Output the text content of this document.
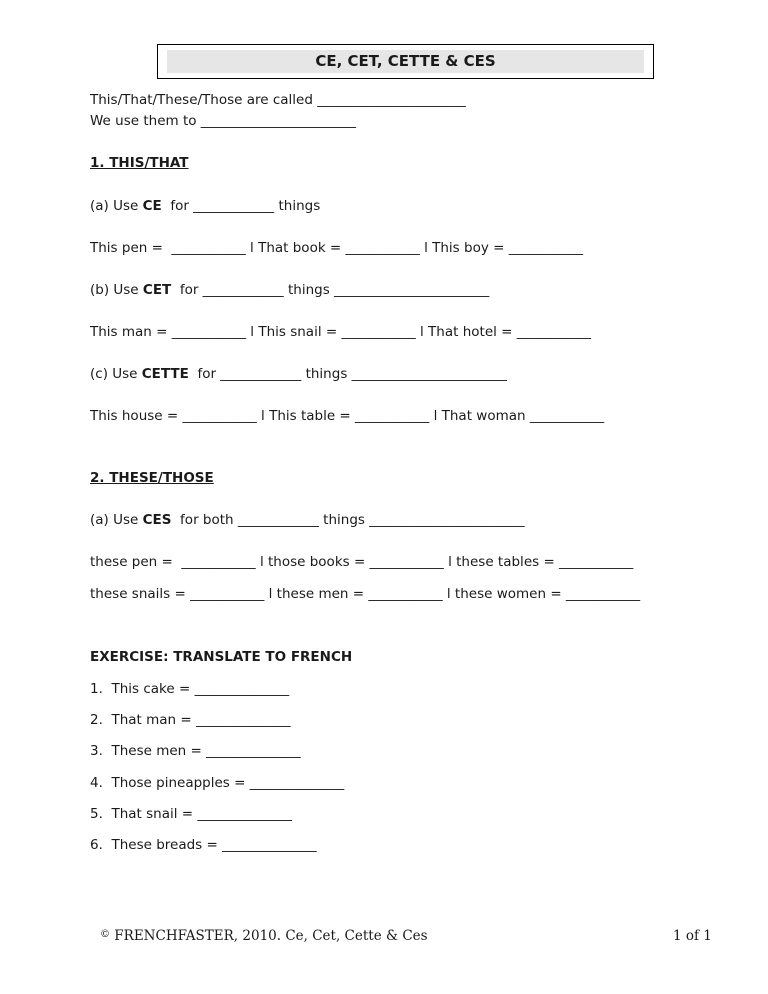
CE, CET, CETTE & CES
This/That/These/Those are called ______________________
We use them to _______________________
1. THIS/THAT
(a) Use CE  for ____________ things
This pen =  ___________ l That book = ___________ l This boy = ___________
(b) Use CET  for ____________ things _______________________
This man = ___________ l This snail = ___________ l That hotel = ___________
(c) Use CETTE  for ____________ things _______________________
This house = ___________ l This table = ___________ l That woman ___________
2. THESE/THOSE
(a) Use CES  for both ____________ things _______________________
these pen =  ___________ l those books = ___________ l these tables = ___________
these snails = ___________ l these men = ___________ l these women = ___________
EXERCISE: TRANSLATE TO FRENCH
1.  This cake = ______________
2.  That man = ______________
3.  These men = ______________
4.  Those pineapples = ______________
5.  That snail = ______________
6.  These breads = ______________
© FRENCHFASTER, 2010. Ce, Cet, Cette & Ces	1 of 1
